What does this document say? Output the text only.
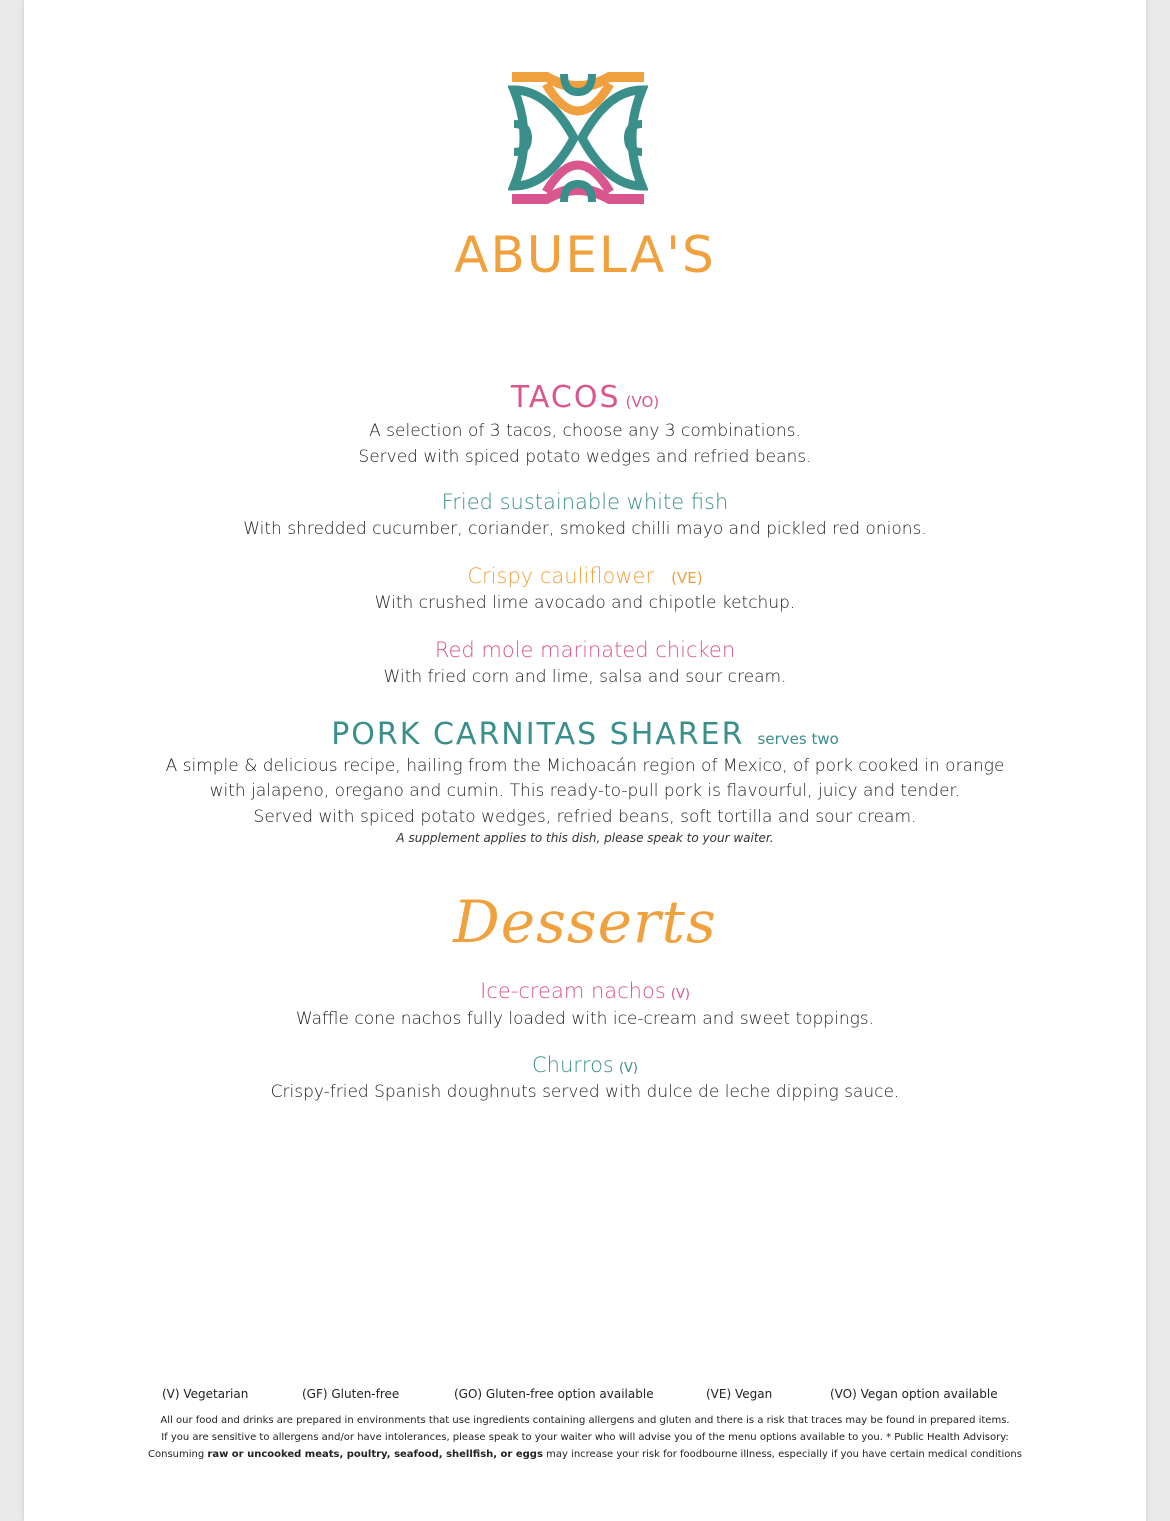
ABUELA'S
TACOS (VO)
A selection of 3 tacos, choose any 3 combinations.
Served with spiced potato wedges and refried beans.
Fried sustainable white fish
With shredded cucumber, coriander, smoked chilli mayo and pickled red onions.
Crispy cauliflower (VE)
With crushed lime avocado and chipotle ketchup.
Red mole marinated chicken
With fried corn and lime, salsa and sour cream.
PORK CARNITAS SHARER serves two
A simple & delicious recipe, hailing from the Michoacán region of Mexico, of pork cooked in orange
with jalapeno, oregano and cumin. This ready-to-pull pork is flavourful, juicy and tender.
Served with spiced potato wedges, refried beans, soft tortilla and sour cream.
A supplement applies to this dish, please speak to your waiter.
Desserts
Ice-cream nachos (V)
Waffle cone nachos fully loaded with ice-cream and sweet toppings.
Churros (V)
Crispy-fried Spanish doughnuts served with dulce de leche dipping sauce.
(V) Vegetarian	(GF) Gluten-free	(GO) Gluten-free option available	(VE) Vegan	(VO) Vegan option available
All our food and drinks are prepared in environments that use ingredients containing allergens and gluten and there is a risk that traces may be found in prepared items.
If you are sensitive to allergens and/or have intolerances, please speak to your waiter who will advise you of the menu options available to you. * Public Health Advisory:
Consuming raw or uncooked meats, poultry, seafood, shellfish, or eggs may increase your risk for foodbourne illness, especially if you have certain medical conditions
